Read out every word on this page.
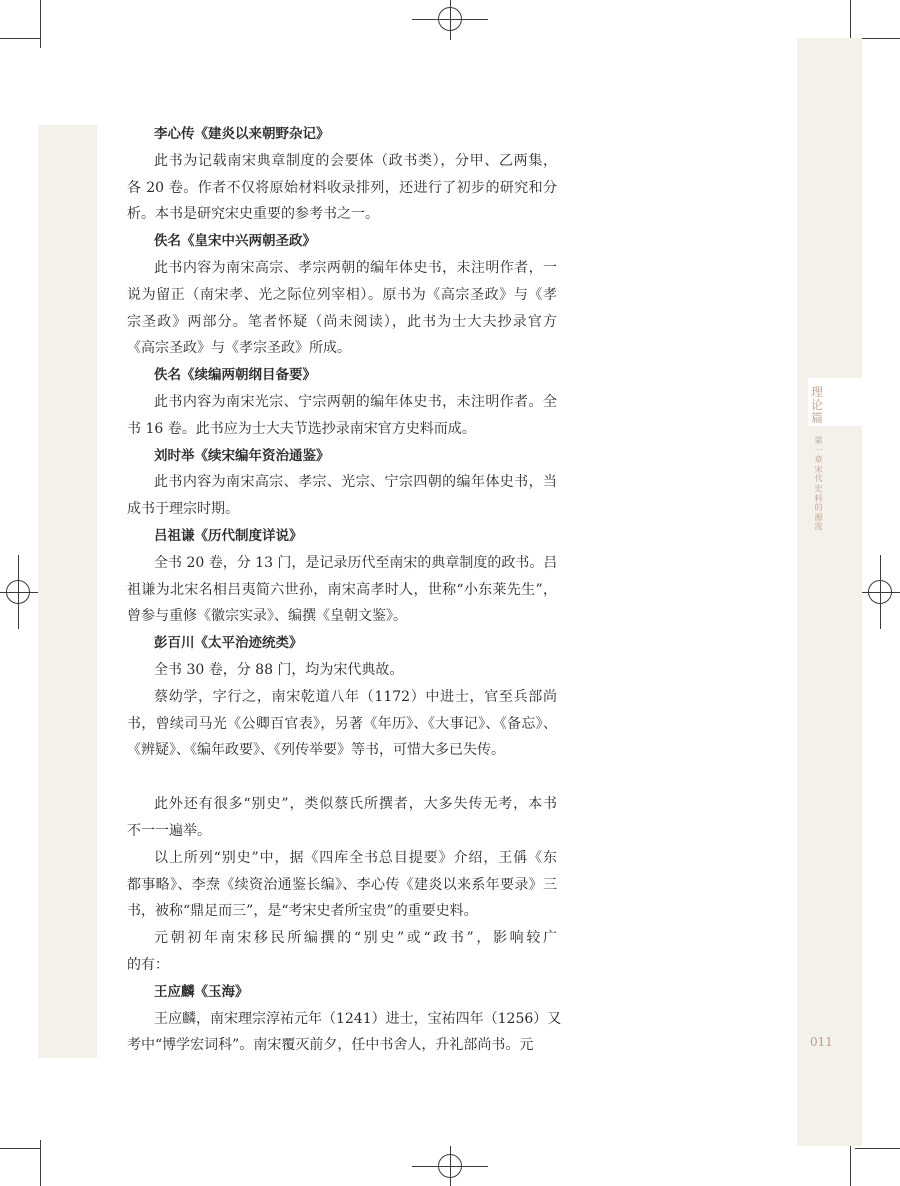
理论篇
第一章 宋代史料的源流
011
李心传《建炎以来朝野杂记》
此书为记载南宋典章制度的会要体（政书类），分甲、乙两集，
各 20 卷。作者不仅将原始材料收录排列，还进行了初步的研究和分
析。本书是研究宋史重要的参考书之一。
佚名《皇宋中兴两朝圣政》
此书内容为南宋高宗、孝宗两朝的编年体史书，未注明作者，一
说为留正（南宋孝、光之际位列宰相）。原书为《高宗圣政》与《孝
宗圣政》两部分。笔者怀疑（尚未阅读），此书为士大夫抄录官方
《高宗圣政》与《孝宗圣政》所成。
佚名《续编两朝纲目备要》
此书内容为南宋光宗、宁宗两朝的编年体史书，未注明作者。全
书 16 卷。此书应为士大夫节选抄录南宋官方史料而成。
刘时举《续宋编年资治通鉴》
此书内容为南宋高宗、孝宗、光宗、宁宗四朝的编年体史书，当
成书于理宗时期。
吕祖谦《历代制度详说》
全书 20 卷，分 13 门，是记录历代至南宋的典章制度的政书。吕
祖谦为北宋名相吕夷简六世孙，南宋高孝时人，世称“小东莱先生”，
曾参与重修《徽宗实录》、编撰《皇朝文鉴》。
彭百川《太平治迹统类》
全书 30 卷，分 88 门，均为宋代典故。
蔡幼学，字行之，南宋乾道八年（1172）中进士，官至兵部尚
书，曾续司马光《公卿百官表》，另著《年历》、《大事记》、《备忘》、
《辨疑》、《编年政要》、《列传举要》等书，可惜大多已失传。
此外还有很多“别史”，类似蔡氏所撰者，大多失传无考，本书
不一一遍举。
以上所列“别史”中，据《四库全书总目提要》介绍，王偁《东
都事略》、李焘《续资治通鉴长编》、李心传《建炎以来系年要录》三
书，被称“鼎足而三”，是“考宋史者所宝贵”的重要史料。
元朝初年南宋移民所编撰的“别史”或“政书”，影响较广
的有：
王应麟《玉海》
王应麟，南宋理宗淳祐元年（1241）进士，宝祐四年（1256）又
考中“博学宏词科”。南宋覆灭前夕，任中书舍人，升礼部尚书。元
